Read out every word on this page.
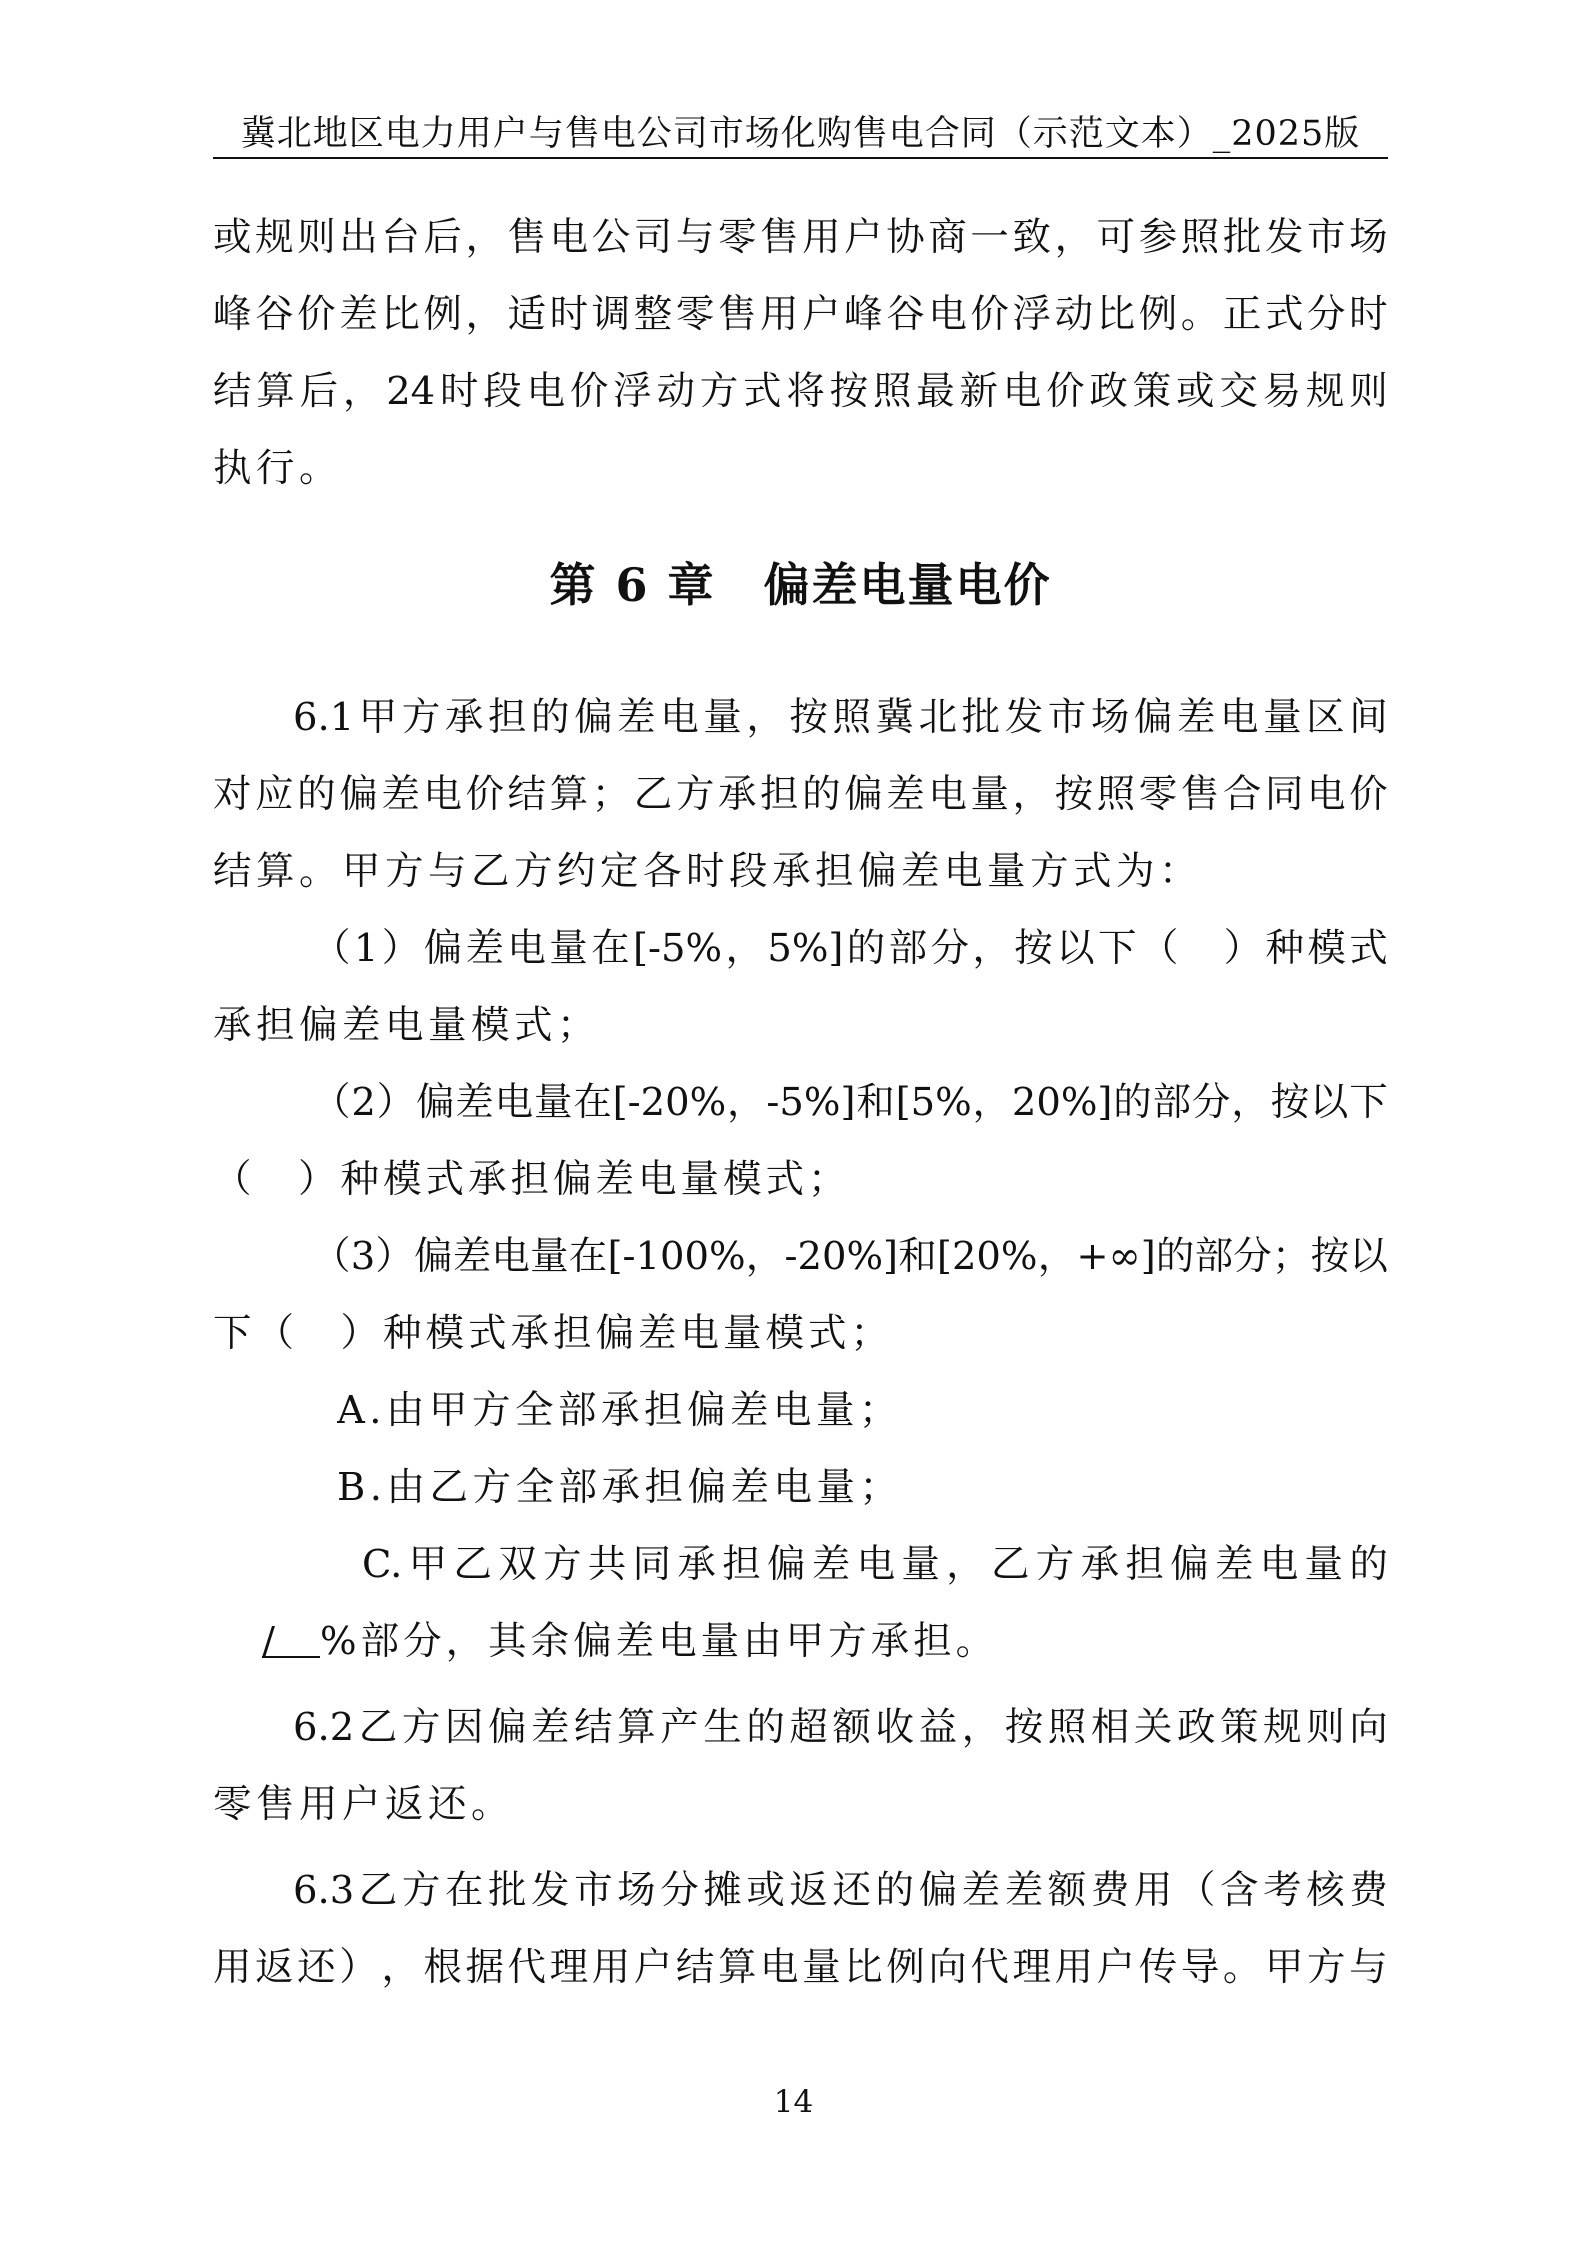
冀北地区电力用户与售电公司市场化购售电合同（示范文本）_2025版
或 规 则 出 台 后 ， 售 电 公 司 与 零 售 用 户 协 商 一 致 ， 可 参 照 批 发 市 场
峰 谷 价 差 比 例 ， 适 时 调 整 零 售 用 户 峰 谷 电 价 浮 动 比 例 。 正 式 分 时
结 算 后 ， 24 时 段 电 价 浮 动 方 式 将 按 照 最 新 电 价 政 策 或 交 易 规 则
执行。
第 6 章　偏差电量电价
6.1 甲 方 承 担 的 偏 差 电 量 ， 按 照 冀 北 批 发 市 场 偏 差 电 量 区 间
对 应 的 偏 差 电 价 结 算 ； 乙 方 承 担 的 偏 差 电 量 ， 按 照 零 售 合 同 电 价
结算。甲方与乙方约定各时段承担偏差电量方式为：
（ 1 ） 偏 差 电 量 在 [-5% ， 5%] 的 部 分 ， 按 以 下 （
　 ） 种 模 式
承担偏差电量模式；
（ 2 ） 偏 差 电 量 在 [-20% ， -5%] 和 [5% ， 20%] 的 部 分 ， 按 以 下
（　）种模式承担偏差电量模式；
（ 3 ） 偏 差 电 量 在 [-100% ， -20%] 和 [20% ， +∞] 的 部 分 ； 按 以
下（　）种模式承担偏差电量模式；
A.由甲方全部承担偏差电量；
B.由乙方全部承担偏差电量；
C. 甲 乙 双 方 共 同 承 担 偏 差 电 量 ， 乙 方 承 担 偏 差 电 量 的
/ %部分，其余偏差电量由甲方承担。
6.2 乙 方 因 偏 差 结 算 产 生 的 超 额 收 益 ， 按 照 相 关 政 策 规 则 向
零售用户返还。
6.3 乙 方 在 批 发 市 场 分 摊 或 返 还 的 偏 差 差 额 费 用 （ 含 考 核 费
用 返 还 ） ， 根 据 代 理 用 户 结 算 电 量 比 例 向 代 理 用 户 传 导 。 甲 方 与
14
